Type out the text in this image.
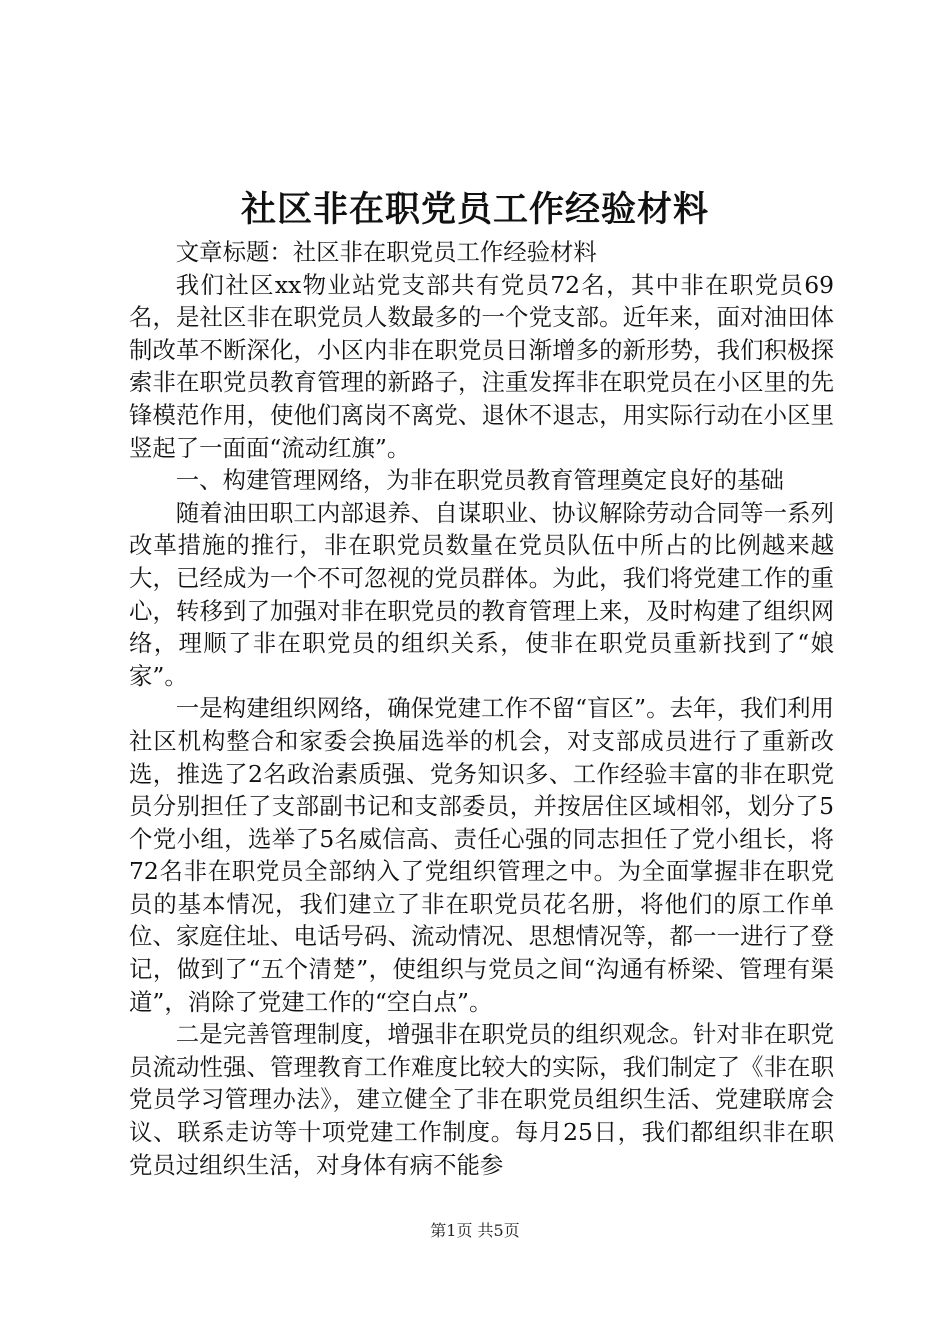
社区非在职党员工作经验材料

文章标题：社区非在职党员工作经验材料

我们社区xx物业站党支部共有党员72名，其中非在职党员69名，是社区非在职党员人数最多的一个党支部。近年来，面对油田体制改革不断深化，小区内非在职党员日渐增多的新形势，我们积极探索非在职党员教育管理的新路子，注重发挥非在职党员在小区里的先锋模范作用，使他们离岗不离党、退休不退志，用实际行动在小区里竖起了一面面“流动红旗”。

一、构建管理网络，为非在职党员教育管理奠定良好的基础

随着油田职工内部退养、自谋职业、协议解除劳动合同等一系列改革措施的推行，非在职党员数量在党员队伍中所占的比例越来越大，已经成为一个不可忽视的党员群体。为此，我们将党建工作的重心，转移到了加强对非在职党员的教育管理上来，及时构建了组织网络，理顺了非在职党员的组织关系，使非在职党员重新找到了“娘家”。

一是构建组织网络，确保党建工作不留“盲区”。去年，我们利用社区机构整合和家委会换届选举的机会，对支部成员进行了重新改选，推选了2名政治素质强、党务知识多、工作经验丰富的非在职党员分别担任了支部副书记和支部委员，并按居住区域相邻，划分了5个党小组，选举了5名威信高、责任心强的同志担任了党小组长，将72名非在职党员全部纳入了党组织管理之中。为全面掌握非在职党员的基本情况，我们建立了非在职党员花名册，将他们的原工作单位、家庭住址、电话号码、流动情况、思想情况等，都一一进行了登记，做到了“五个清楚”，使组织与党员之间“沟通有桥梁、管理有渠道”，消除了党建工作的“空白点”。

二是完善管理制度，增强非在职党员的组织观念。针对非在职党员流动性强、管理教育工作难度比较大的实际，我们制定了《非在职党员学习管理办法》，建立健全了非在职党员组织生活、党建联席会议、联系走访等十项党建工作制度。每月25日，我们都组织非在职党员过组织生活，对身体有病不能参

第1页 共5页
